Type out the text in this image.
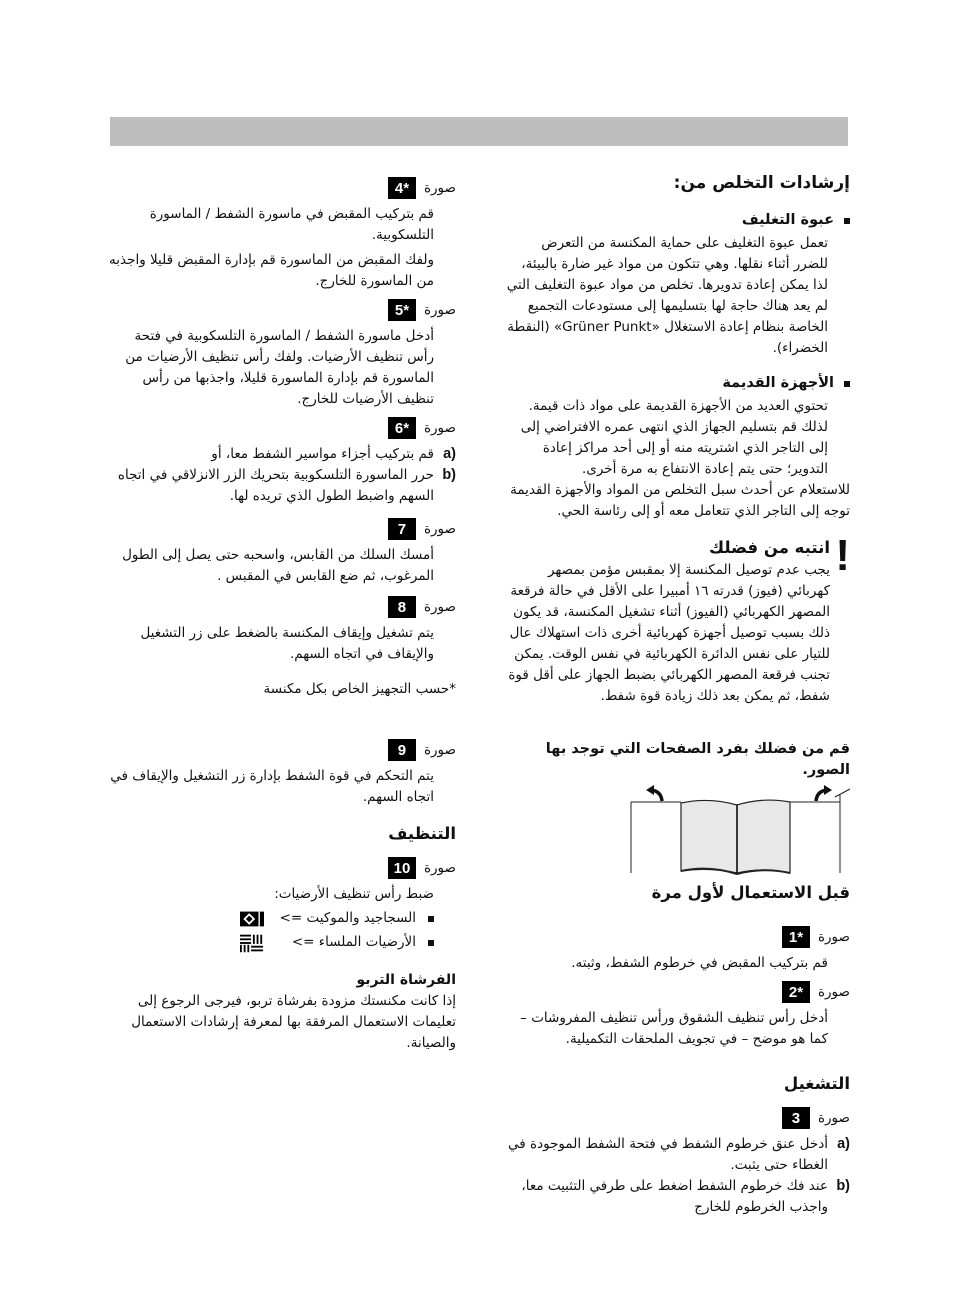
إرشادات التخلص من:
عبوة التغليف

تعمل عبوة التغليف على حماية المكنسة من التعرض للضرر أثناء نقلها. وهي تتكون من مواد غير ضارة بالبيئة، لذا يمكن إعادة تدويرها. تخلص من مواد عبوة التغليف التي لم يعد هناك حاجة لها بتسليمها إلى مستودعات التجميع الخاصة بنظام إعادة الاستغلال «Grüner Punkt» (النقطة الخضراء).

الأجهزة القديمة

تحتوي العديد من الأجهزة القديمة على مواد ذات قيمة. لذلك قم بتسليم الجهاز الذي انتهى عمره الافتراضي إلى إلى التاجر الذي اشتريته منه أو إلى أحد مراكز إعادة التدوير؛ حتى يتم إعادة الانتفاع به مرة أخرى.

للاستعلام عن أحدث سبل التخلص من المواد والأجهزة القديمة توجه إلى التاجر الذي تتعامل معه أو إلى رئاسة الحي.

!
انتبه من فضلك

يجب عدم توصيل المكنسة إلا بمقبس مؤمن بمصهر كهربائي (فيوز) قدرته ١٦ أمبيرا على الأقل في حالة فرقعة المصهر الكهربائي (الفيوز) أثناء تشغيل المكنسة، قد يكون ذلك بسبب توصيل أجهزة كهربائية أخرى ذات استهلاك عال للتيار على نفس الدائرة الكهربائية في نفس الوقت. يمكن تجنب فرقعة المصهر الكهربائي بضبط الجهاز على أقل قوة شفط، ثم يمكن بعد ذلك زيادة قوة شفط.

قم من فضلك بفرد الصفحات التي توجد بها الصور.
قبل الاستعمال لأول مرة
صورة
*1

قم بتركيب المقبض في خرطوم الشفط، وثبته.

صورة
*2

أدخل رأس تنظيف الشقوق ورأس تنظيف المفروشات – كما هو موضح – في تجويف الملحقات التكميلية.

التشغيل
صورة
3
a)
أدخل عنق خرطوم الشفط في فتحة الشفط الموجودة في الغطاء حتى يثبت.
b)
عند فك خرطوم الشفط اضغط على طرفي التثبيت معا، واجذب الخرطوم للخارج
صورة
*4

قم بتركيب المقبض في ماسورة الشفط / الماسورة التلسكوبية.

ولفك المقبض من الماسورة قم بإدارة المقبض قليلا واجذبه من الماسورة للخارج.

صورة
*5

أدخل ماسورة الشفط / الماسورة التلسكوبية في فتحة رأس تنظيف الأرضيات. ولفك رأس تنظيف الأرضيات من الماسورة قم بإدارة الماسورة قليلا، واجذبها من رأس تنظيف الأرضيات للخارج.

صورة
*6
a)
قم بتركيب أجزاء مواسير الشفط معا، أو
b)
حرر الماسورة التلسكوبية بتحريك الزر الانزلاقي في اتجاه السهم واضبط الطول الذي تريده لها.
صورة
7

أمسك السلك من القابس، واسحبه حتى يصل إلى الطول المرغوب، ثم ضع القابس في المقبس .

صورة
8

يتم تشغيل وإيقاف المكنسة بالضغط على زر التشغيل والإيقاف في اتجاه السهم.

*حسب التجهيز الخاص بكل مكنسة

صورة
9

يتم التحكم في قوة الشفط بإدارة زر التشغيل والإيقاف في اتجاه السهم.

التنظيف
صورة
10

ضبط رأس تنظيف الأرضيات:

السجاجيد والموكيت =>
الأرضيات الملساء =>
الفرشاة التربو

إذا كانت مكنستك مزودة بفرشاة تربو، فيرجى الرجوع إلى تعليمات الاستعمال المرفقة بها لمعرفة إرشادات الاستعمال والصيانة.
